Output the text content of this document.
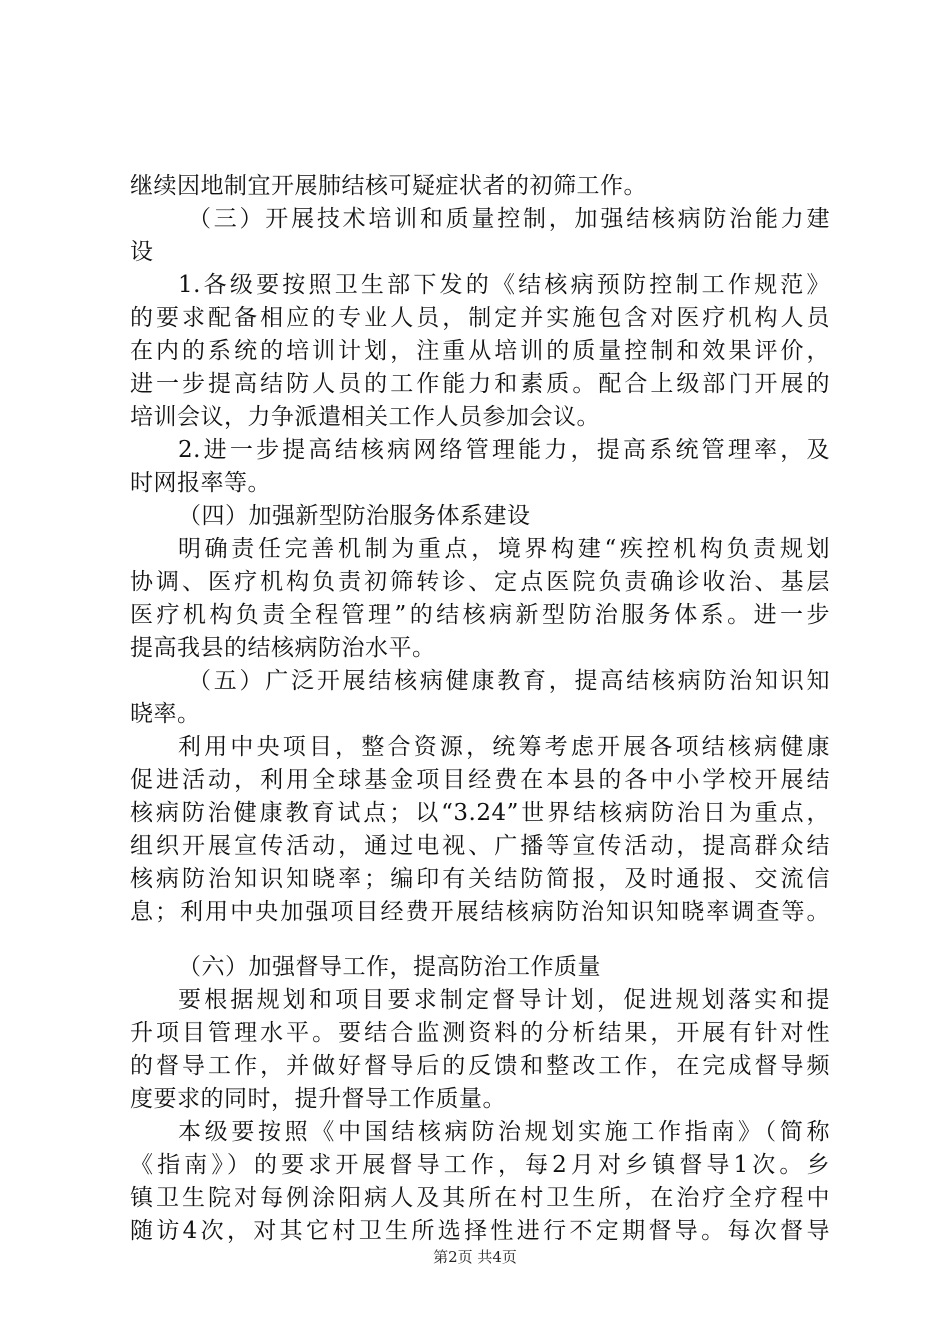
继续因地制宜开展肺结核可疑症状者的初筛工作。
（三）开展技术培训和质量控制，加强结核病防治能力建
设
1.各级要按照卫生部下发的《结核病预防控制工作规范》
的要求配备相应的专业人员，制定并实施包含对医疗机构人员
在内的系统的培训计划，注重从培训的质量控制和效果评价，
进一步提高结防人员的工作能力和素质。配合上级部门开展的
培训会议，力争派遣相关工作人员参加会议。
2.进一步提高结核病网络管理能力，提高系统管理率，及
时网报率等。
（四）加强新型防治服务体系建设
明确责任完善机制为重点，境界构建“疾控机构负责规划
协调、医疗机构负责初筛转诊、定点医院负责确诊收治、基层
医疗机构负责全程管理”的结核病新型防治服务体系。进一步
提高我县的结核病防治水平。
（五）广泛开展结核病健康教育，提高结核病防治知识知
晓率。
利用中央项目，整合资源，统筹考虑开展各项结核病健康
促进活动，利用全球基金项目经费在本县的各中小学校开展结
核病防治健康教育试点；以“3.24”世界结核病防治日为重点，
组织开展宣传活动，通过电视、广播等宣传活动，提高群众结
核病防治知识知晓率；编印有关结防简报，及时通报、交流信
息；利用中央加强项目经费开展结核病防治知识知晓率调查等。
（六）加强督导工作，提高防治工作质量
要根据规划和项目要求制定督导计划，促进规划落实和提
升项目管理水平。要结合监测资料的分析结果，开展有针对性
的督导工作，并做好督导后的反馈和整改工作，在完成督导频
度要求的同时，提升督导工作质量。
本级要按照《中国结核病防治规划实施工作指南》（简称
《指南》）的要求开展督导工作，每2月对乡镇督导1次。乡
镇卫生院对每例涂阳病人及其所在村卫生所，在治疗全疗程中
随访4次，对其它村卫生所选择性进行不定期督导。每次督导
第2页 共4页
